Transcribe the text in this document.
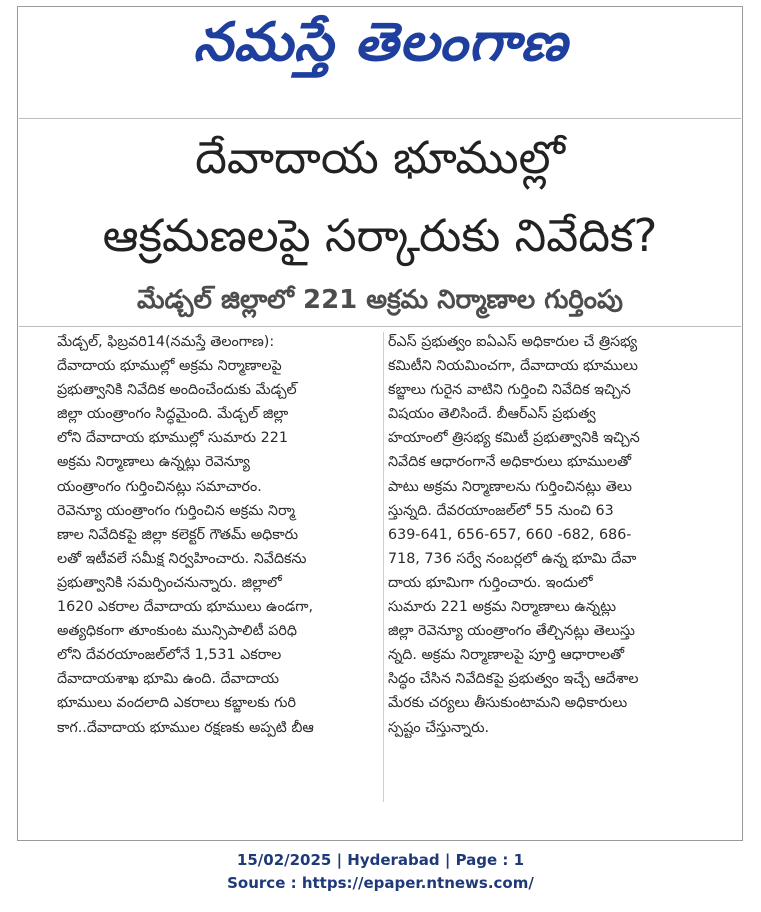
నమస్తే తెలంగాణ
దేవాదాయ భూముల్లో
ఆక్రమణలపై సర్కారుకు నివేదిక?
మేడ్చల్ జిల్లాలో 221 అక్రమ నిర్మాణాల గుర్తింపు
మేడ్చల్, ఫిబ్రవరి14(నమస్తే తెలంగాణ):
దేవాదాయ భూముల్లో అక్రమ నిర్మాణాలపై
ప్రభుత్వానికి నివేదిక అందించేందుకు మేడ్చల్
జిల్లా యంత్రాంగం సిద్ధమైంది. మేడ్చల్ జిల్లా
లోని దేవాదాయ భూముల్లో సుమారు 221
అక్రమ నిర్మాణాలు ఉన్నట్లు రెవెన్యూ
యంత్రాంగం గుర్తించినట్లు సమాచారం.
రెవెన్యూ యంత్రాంగం గుర్తించిన అక్రమ నిర్మా
ణాల నివేదికపై జిల్లా కలెక్టర్ గౌతమ్ అధికారు
లతో ఇటీవలే సమీక్ష నిర్వహించారు. నివేదికను
ప్రభుత్వానికి సమర్పించనున్నారు. జిల్లాలో
1620 ఎకరాల దేవాదాయ భూములు ఉండగా,
అత్యధికంగా తూంకుంట మున్సిపాలిటీ పరిధి
లోని దేవరయాంజల్‌లోనే 1,531 ఎకరాల
దేవాదాయశాఖ భూమి ఉంది. దేవాదాయ
భూములు వందలాది ఎకరాలు కబ్జాలకు గురి
కాగ..దేవాదాయ భూముల రక్షణకు అప్పటి బీఆ
ర్ఎస్ ప్రభుత్వం ఐఏఎస్ అధికారుల చే త్రిసభ్య
కమిటీని నియమించగా, దేవాదాయ భూములు
కబ్జాలు గురైన వాటిని గుర్తించి నివేదిక ఇచ్చిన
విషయం తెలిసిందే. బీఆర్ఎస్ ప్రభుత్వ
హయాంలో త్రిసభ్య కమిటీ ప్రభుత్వానికి ఇచ్చిన
నివేదిక ఆధారంగానే అధికారులు భూములతో
పాటు అక్రమ నిర్మాణాలను గుర్తించినట్లు తెలు
స్తున్నది. దేవరయాంజల్‌లో 55 నుంచి 63
639-641, 656-657, 660 -682, 686-
718, 736 సర్వే నంబర్లలో ఉన్న భూమి దేవా
దాయ భూమిగా గుర్తించారు. ఇందులో
సుమారు 221 అక్రమ నిర్మాణాలు ఉన్నట్లు
జిల్లా రెవెన్యూ యంత్రాంగం తేల్చినట్లు తెలుస్తు
న్నది. అక్రమ నిర్మాణాలపై పూర్తి ఆధారాలతో
సిద్ధం చేసిన నివేదికపై ప్రభుత్వం ఇచ్చే ఆదేశాల
మేరకు చర్యలు తీసుకుంటామని అధికారులు
స్పష్టం చేస్తున్నారు.
15/02/2025 | Hyderabad | Page : 1
Source : https://epaper.ntnews.com/
